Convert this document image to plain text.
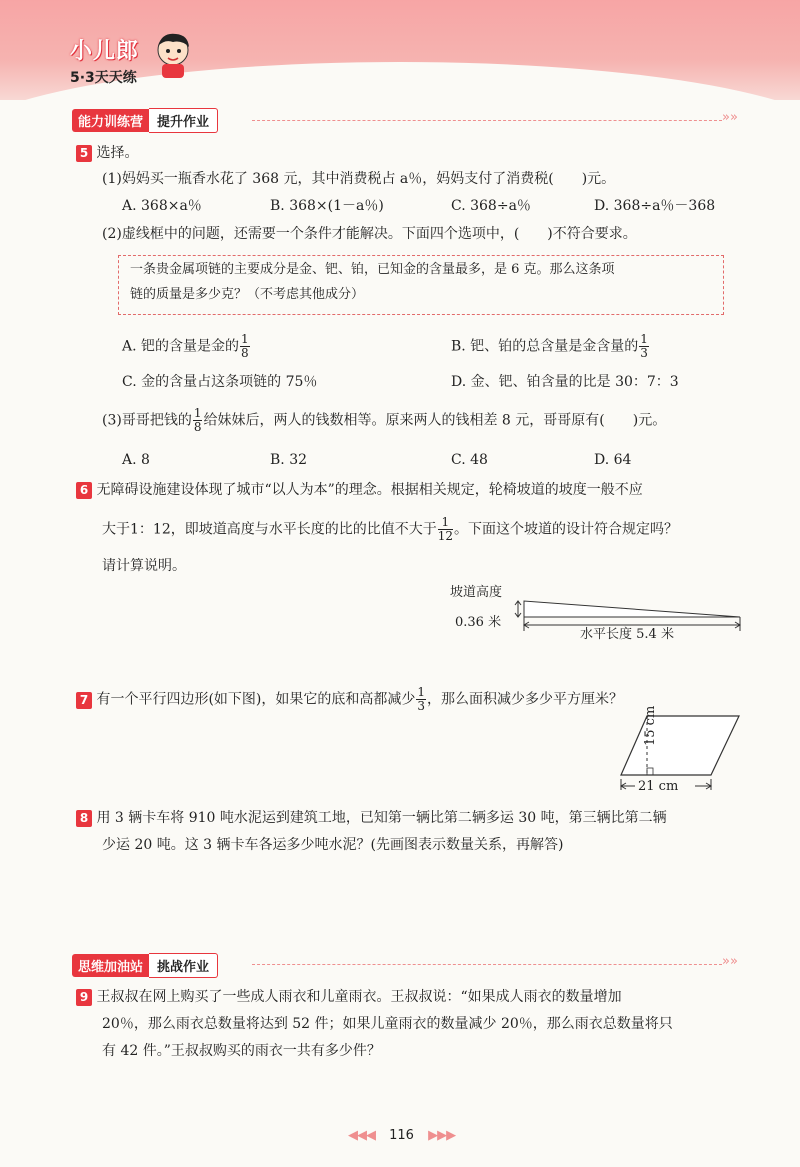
小儿郎
5·3天天练
能力训练营 提升作业	»»
5 选择。
(1)妈妈买一瓶香水花了 368 元，其中消费税占 a％，妈妈支付了消费税(　　)元。
A. 368×a％	B. 368×(1－a％)	C. 368÷a％	D. 368÷a％－368
(2)虚线框中的问题，还需要一个条件才能解决。下面四个选项中，(　　)不符合要求。
一条贵金属项链的主要成分是金、钯、铂，已知金的含量最多，是 6 克。那么这条项
链的质量是多少克？（不考虑其他成分）
A. 钯的含量是金的 $\frac{1}{8}$	B. 钯、铂的总含量是金含量的 $\frac{1}{3}$
C. 金的含量占这条项链的 75％	D. 金、钯、铂含量的比是 30：7：3
(3)哥哥把钱的 $\frac{1}{8}$ 给妹妹后，两人的钱数相等。原来两人的钱相差 8 元，哥哥原有(　　)元。
A. 8	B. 32	C. 48	D. 64
6 无障碍设施建设体现了城市“以人为本”的理念。根据相关规定，轮椅坡道的坡度一般不应
大于1：12，即坡道高度与水平长度的比的比值不大于 $\frac{1}{12}$ 。下面这个坡道的设计符合规定吗？
请计算说明。
坡道高度
0.36 米
水平长度 5.4 米
7 有一个平行四边形(如下图)，如果它的底和高都减少 $\frac{1}{3}$ ，那么面积减少多少平方厘米？
15 cm
21 cm
8 用 3 辆卡车将 910 吨水泥运到建筑工地，已知第一辆比第二辆多运 30 吨，第三辆比第二辆
少运 20 吨。这 3 辆卡车各运多少吨水泥？(先画图表示数量关系，再解答)
思维加油站 挑战作业	»»
9 王叔叔在网上购买了一些成人雨衣和儿童雨衣。王叔叔说：“如果成人雨衣的数量增加
20％，那么雨衣总数量将达到 52 件；如果儿童雨衣的数量减少 20％，那么雨衣总数量将只
有 42 件。”王叔叔购买的雨衣一共有多少件？
◀◀◀ 116 ▶▶▶
